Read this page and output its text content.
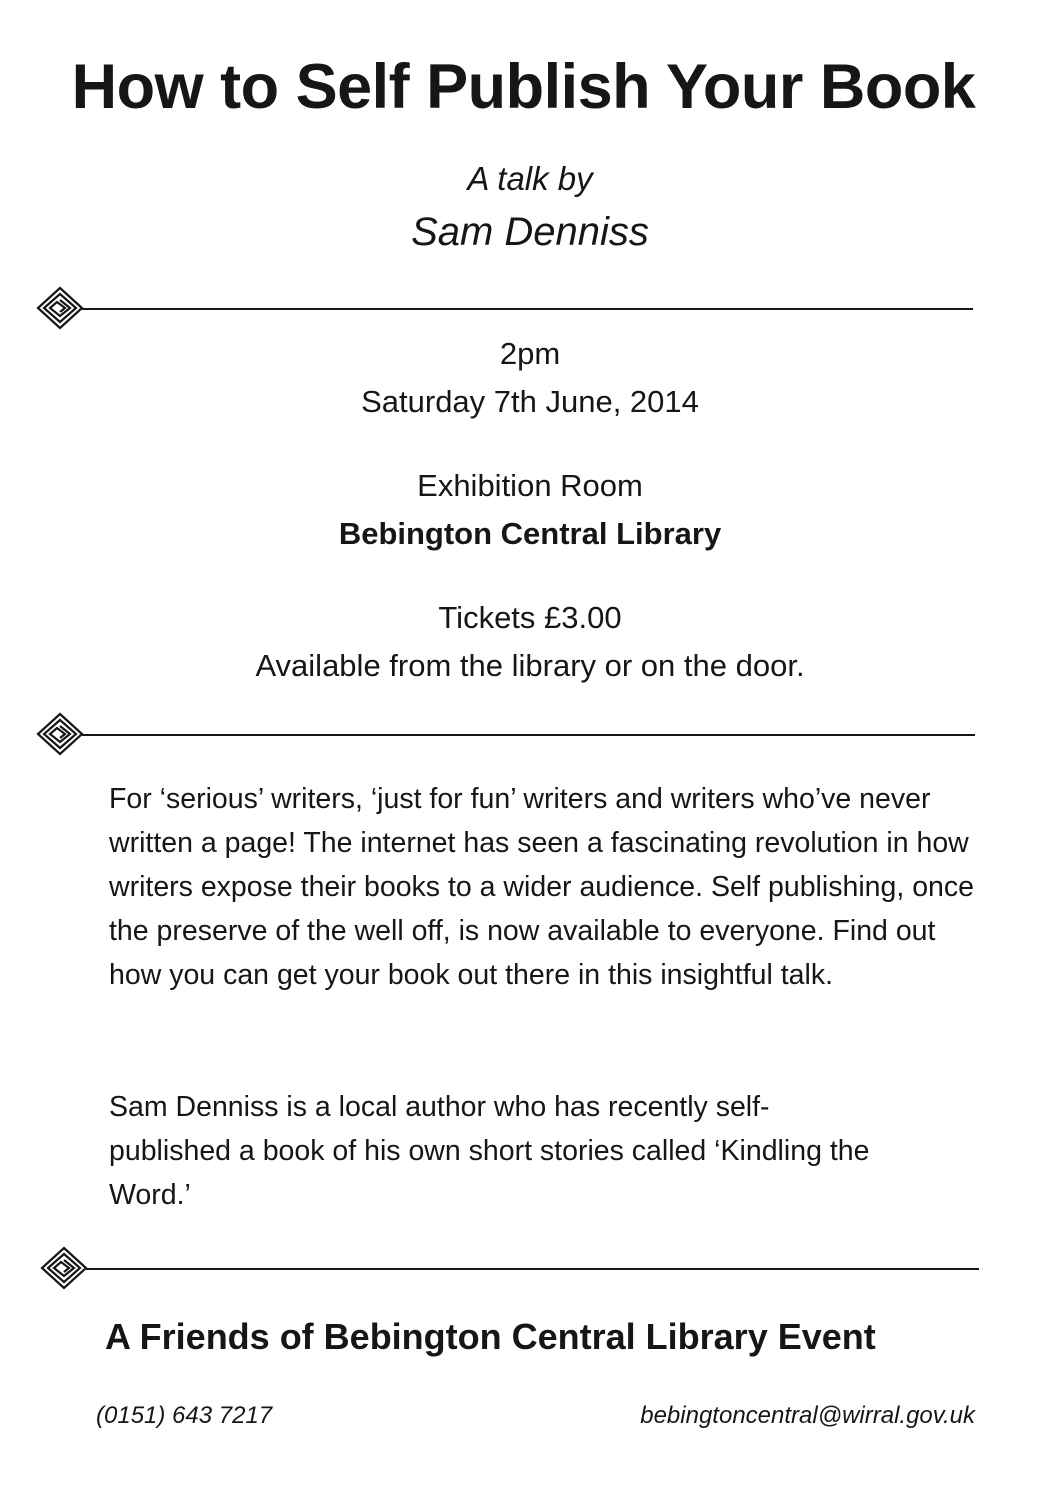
How to Self Publish Your Book

A talk by

Sam Denniss

2pm

Saturday 7th June, 2014

Exhibition Room

Bebington Central Library

Tickets £3.00

Available from the library or on the door.

For ‘serious’ writers, ‘just for fun’ writers and writers who’ve never written a page! The internet has seen a fascinating revolution in how writers expose their books to a wider audience. Self publishing, once the preserve of the well off, is now available to everyone. Find out how you can get your book out there in this insightful talk.

Sam Denniss is a local author who has recently self-published a book of his own short stories called ‘Kindling the Word.’

A Friends of Bebington Central Library Event

(0151) 643 7217	bebingtoncentral@wirral.gov.uk
